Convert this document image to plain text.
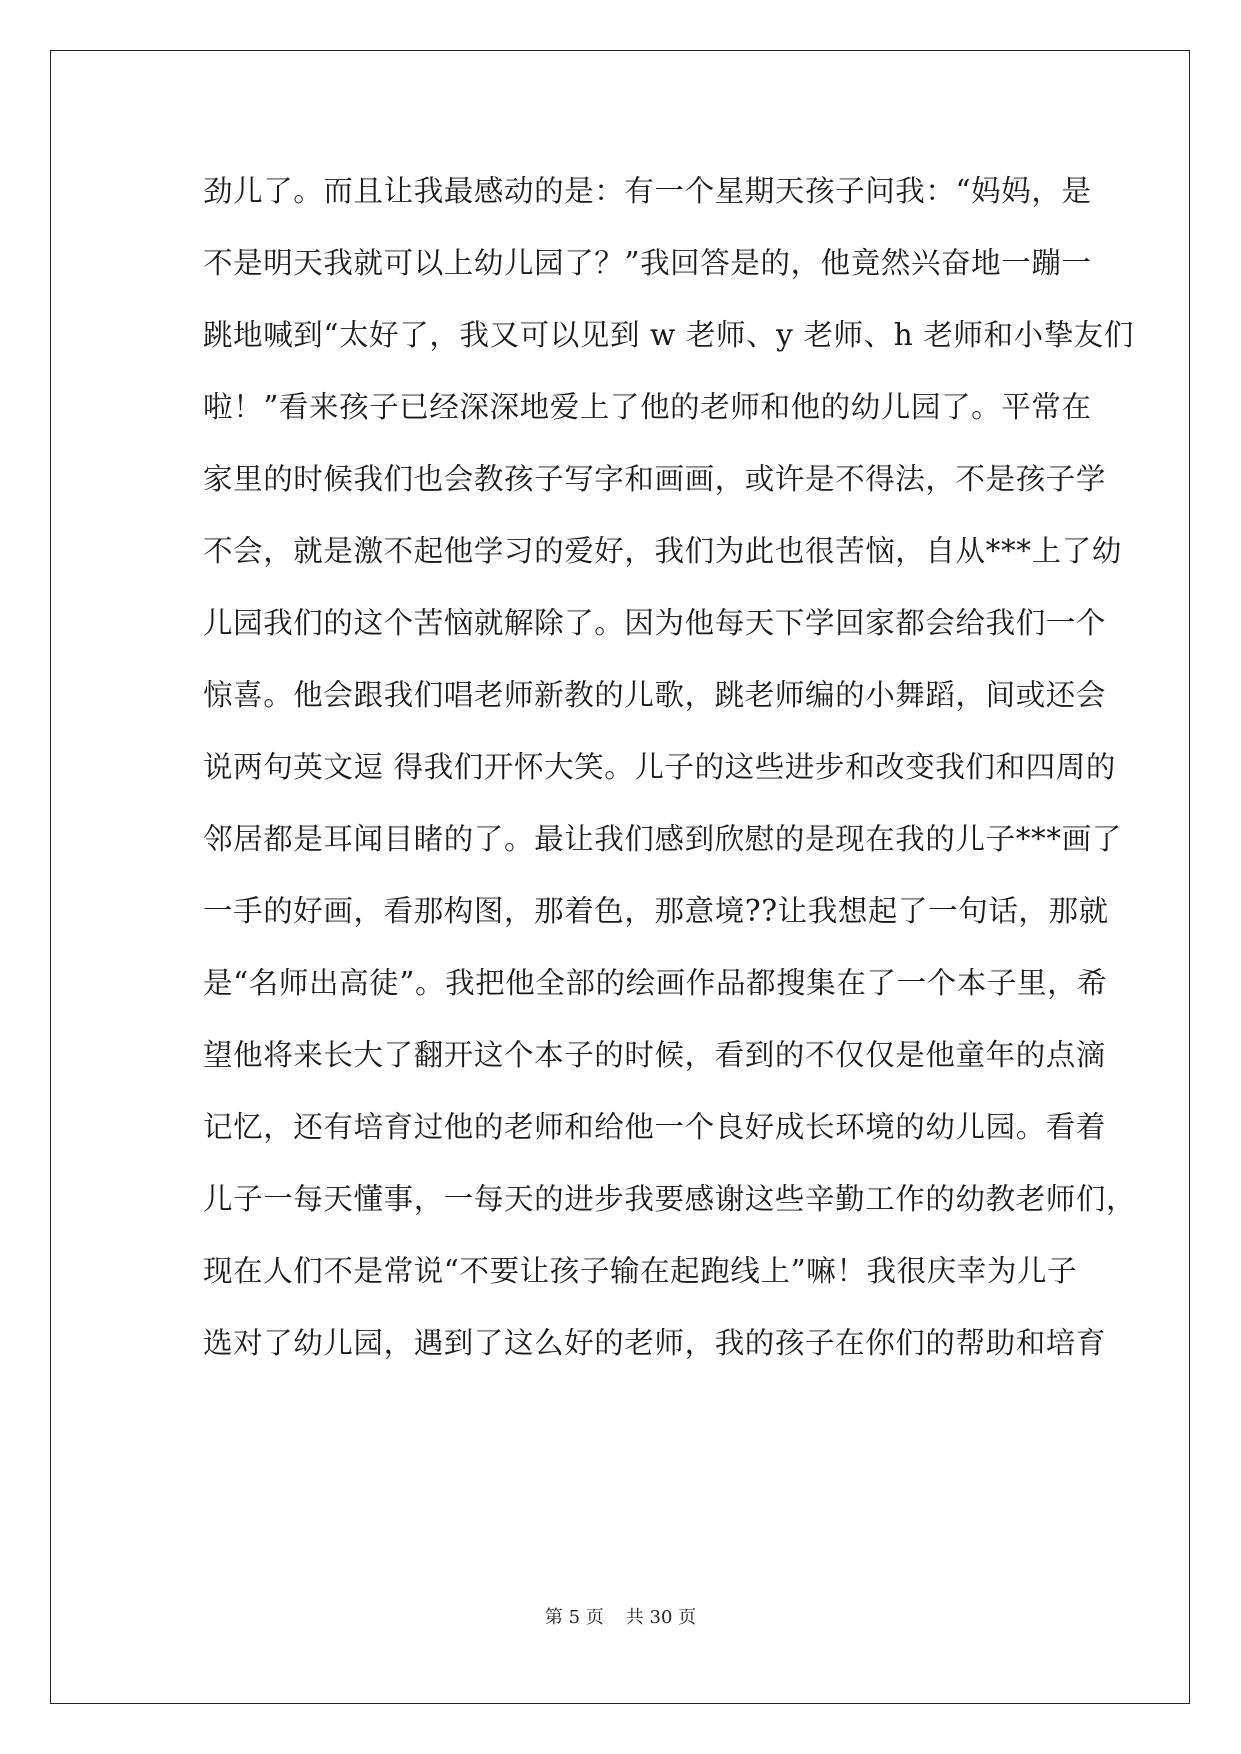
劲儿了。而且让我最感动的是：有一个星期天孩子问我：“妈妈，是
不是明天我就可以上幼儿园了？”我回答是的，他竟然兴奋地一蹦一
跳地喊到“太好了，我又可以见到 w 老师、y 老师、h 老师和小挚友们
啦！”看来孩子已经深深地爱上了他的老师和他的幼儿园了。平常在
家里的时候我们也会教孩子写字和画画，或许是不得法，不是孩子学
不会，就是激不起他学习的爱好，我们为此也很苦恼，自从***上了幼
儿园我们的这个苦恼就解除了。因为他每天下学回家都会给我们一个
惊喜。他会跟我们唱老师新教的儿歌，跳老师编的小舞蹈，间或还会
说两句英文逗 得我们开怀大笑。儿子的这些进步和改变我们和四周的
邻居都是耳闻目睹的了。最让我们感到欣慰的是现在我的儿子***画了
一手的好画，看那构图，那着色，那意境??让我想起了一句话，那就
是“名师出高徒”。我把他全部的绘画作品都搜集在了一个本子里，希
望他将来长大了翻开这个本子的时候，看到的不仅仅是他童年的点滴
记忆，还有培育过他的老师和给他一个良好成长环境的幼儿园。看着
儿子一每天懂事，一每天的进步我要感谢这些辛勤工作的幼教老师们，
现在人们不是常说“不要让孩子输在起跑线上”嘛！我很庆幸为儿子
选对了幼儿园，遇到了这么好的老师，我的孩子在你们的帮助和培育
第 5 页 共 30 页
